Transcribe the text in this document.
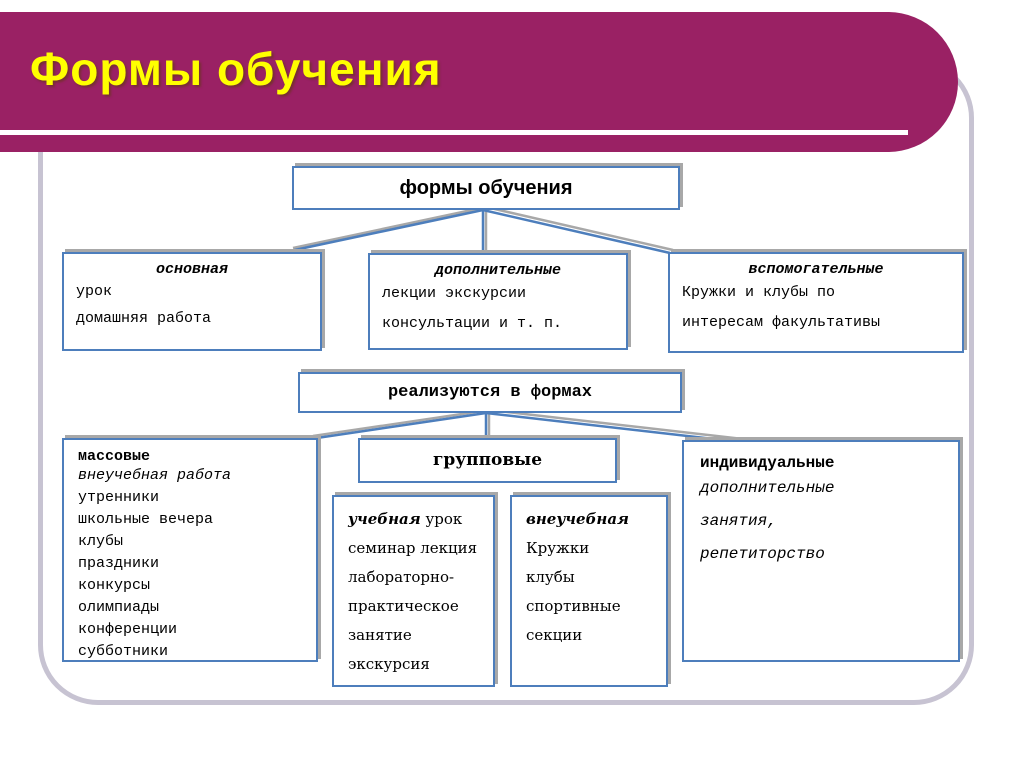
Формы обучения
формы обучения
основная
урок
домашняя работа
дополнительные
лекции экскурсии
консультации и т. п.
вспомогательные
Кружки и клубы по
интересам факультативы
реализуются в формах
массовые
внеучебная работа
утренники
школьные вечера
клубы
праздники
конкурсы
олимпиады
конференции
субботники
групповые
учебная урок
семинар лекция
лабораторно-
практическое
занятие
экскурсия
внеучебная
Кружки
клубы
спортивные
секции
индивидуальные
дополнительные
занятия,
репетиторство
